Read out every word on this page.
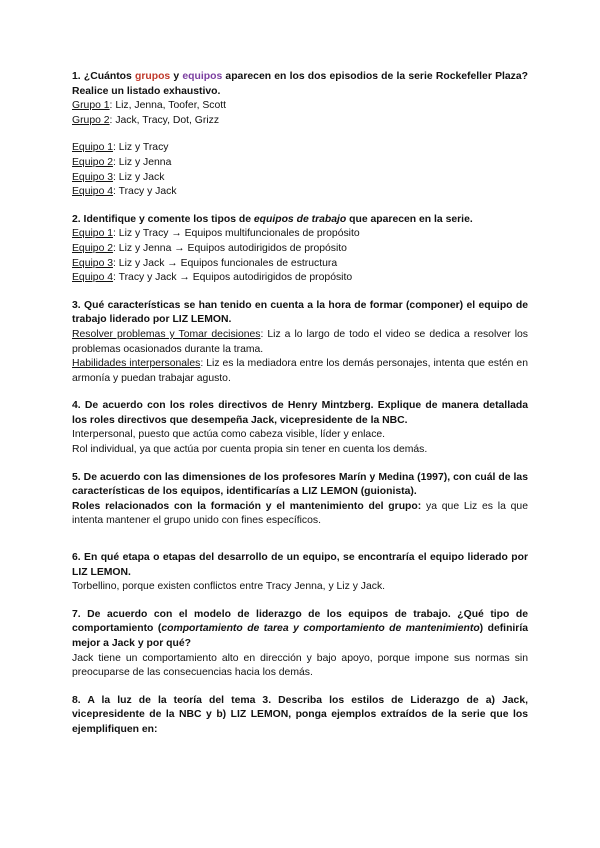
1. ¿Cuántos grupos y equipos aparecen en los dos episodios de la serie Rockefeller Plaza? Realice un listado exhaustivo.
Grupo 1: Liz, Jenna, Toofer, Scott
Grupo 2: Jack, Tracy, Dot, Grizz
Equipo 1: Liz y Tracy
Equipo 2: Liz y Jenna
Equipo 3: Liz y Jack
Equipo 4: Tracy y Jack
2. Identifique y comente los tipos de equipos de trabajo que aparecen en la serie.
Equipo 1: Liz y Tracy → Equipos multifuncionales de propósito
Equipo 2: Liz y Jenna → Equipos autodirigidos de propósito
Equipo 3: Liz y Jack → Equipos funcionales de estructura
Equipo 4: Tracy y Jack → Equipos autodirigidos de propósito
3. Qué características se han tenido en cuenta a la hora de formar (componer) el equipo de trabajo liderado por LIZ LEMON.
Resolver problemas y Tomar decisiones: Liz a lo largo de todo el video se dedica a resolver los problemas ocasionados durante la trama.
Habilidades interpersonales: Liz es la mediadora entre los demás personajes, intenta que estén en armonía y puedan trabajar agusto.
4. De acuerdo con los roles directivos de Henry Mintzberg. Explique de manera detallada los roles directivos que desempeña Jack, vicepresidente de la NBC.
Interpersonal, puesto que actúa como cabeza visible, líder y enlace.
Rol individual, ya que actúa por cuenta propia sin tener en cuenta los demás.
5. De acuerdo con las dimensiones de los profesores Marín y Medina (1997), con cuál de las características de los equipos, identificarías a LIZ LEMON (guionista).
Roles relacionados con la formación y el mantenimiento del grupo: ya que Liz es la que intenta mantener el grupo unido con fines específicos.
6. En qué etapa o etapas del desarrollo de un equipo, se encontraría el equipo liderado por LIZ LEMON.
Torbellino, porque existen conflictos entre Tracy Jenna, y Liz y Jack.
7. De acuerdo con el modelo de liderazgo de los equipos de trabajo. ¿Qué tipo de comportamiento (comportamiento de tarea y comportamiento de mantenimiento) definiría mejor a Jack y por qué?
Jack tiene un comportamiento alto en dirección y bajo apoyo, porque impone sus normas sin preocuparse de las consecuencias hacia los demás.
8. A la luz de la teoría del tema 3. Describa los estilos de Liderazgo de a) Jack, vicepresidente de la NBC y b) LIZ LEMON, ponga ejemplos extraídos de la serie que los ejemplifiquen en:
